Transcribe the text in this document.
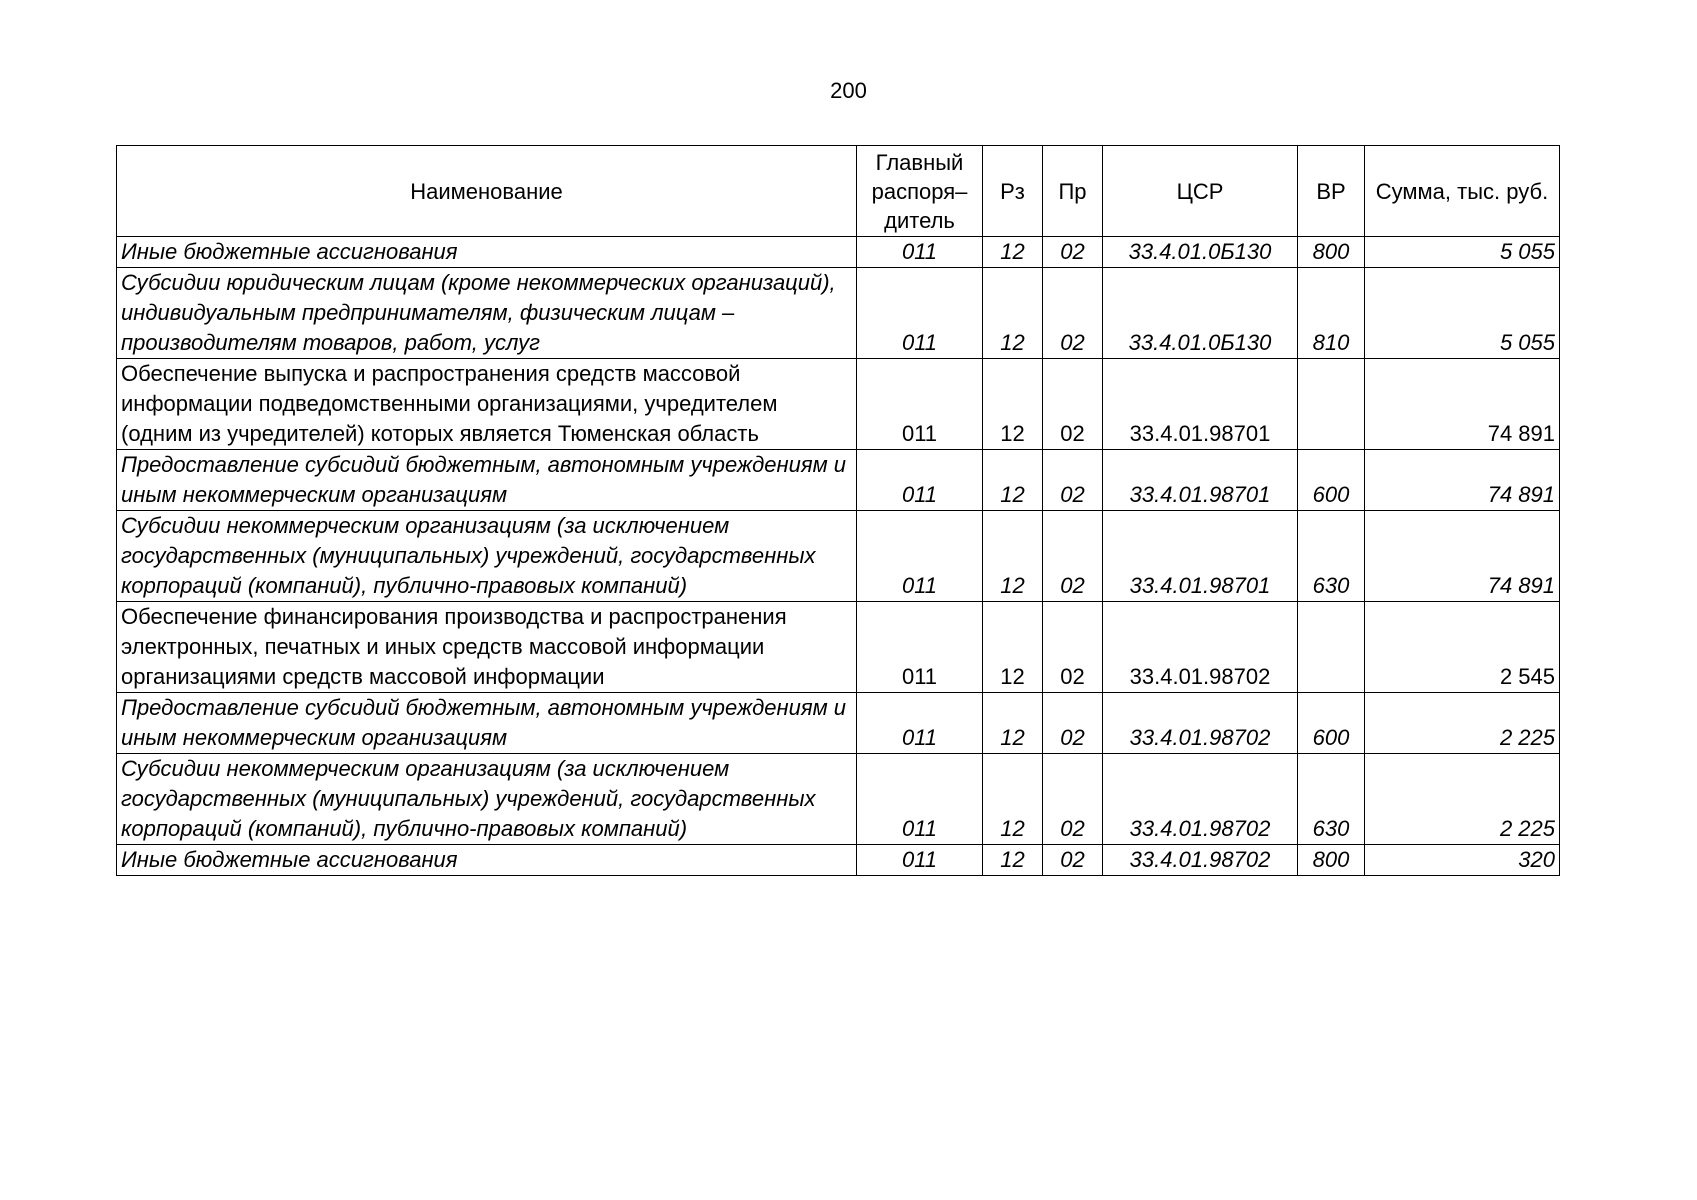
200
Наименование	Главный распоря– дитель	Рз	Пр	ЦСР	ВР	Сумма, тыс. руб.
Иные бюджетные ассигнования	011	12	02	33.4.01.0Б130	800	5 055
Субсидии юридическим лицам (кроме некоммерческих организаций), индивидуальным предпринимателям, физическим лицам – производителям товаров, работ, услуг	011	12	02	33.4.01.0Б130	810	5 055
Обеспечение выпуска и распространения средств массовой информации подведомственными организациями, учредителем (одним из учредителей) которых является Тюменская область	011	12	02	33.4.01.98701		74 891
Предоставление субсидий бюджетным, автономным учреждениям и иным некоммерческим организациям	011	12	02	33.4.01.98701	600	74 891
Субсидии некоммерческим организациям (за исключением государственных (муниципальных) учреждений, государственных корпораций (компаний), публично-правовых компаний)	011	12	02	33.4.01.98701	630	74 891
Обеспечение финансирования производства и распространения электронных, печатных и иных средств массовой информации организациями средств массовой информации	011	12	02	33.4.01.98702		2 545
Предоставление субсидий бюджетным, автономным учреждениям и иным некоммерческим организациям	011	12	02	33.4.01.98702	600	2 225
Субсидии некоммерческим организациям (за исключением государственных (муниципальных) учреждений, государственных корпораций (компаний), публично-правовых компаний)	011	12	02	33.4.01.98702	630	2 225
Иные бюджетные ассигнования	011	12	02	33.4.01.98702	800	320
